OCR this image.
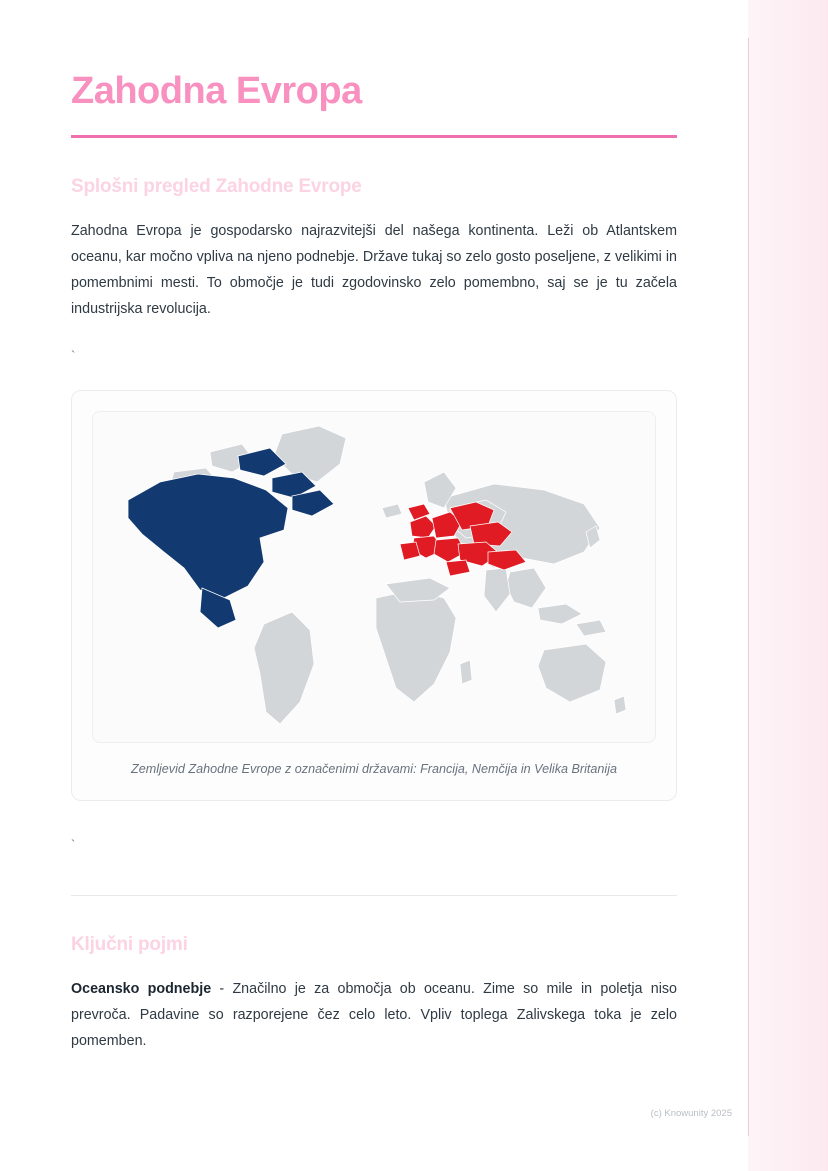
Zahodna Evropa
Splošni pregled Zahodne Evrope
Zahodna Evropa je gospodarsko najrazvitejši del našega kontinenta. Leži ob Atlantskem oceanu, kar močno vpliva na njeno podnebje. Države tukaj so zelo gosto poseljene, z velikimi in pomembnimi mesti. To območje je tudi zgodovinsko zelo pomembno, saj se je tu začela industrijska revolucija.
`
Zemljevid Zahodne Evrope z označenimi državami: Francija, Nemčija in Velika Britanija
`
Ključni pojmi
Oceansko podnebje - Značilno je za območja ob oceanu. Zime so mile in poletja niso prevroča. Padavine so razporejene čez celo leto. Vpliv toplega Zalivskega toka je zelo pomemben.
(c) Knowunity 2025
